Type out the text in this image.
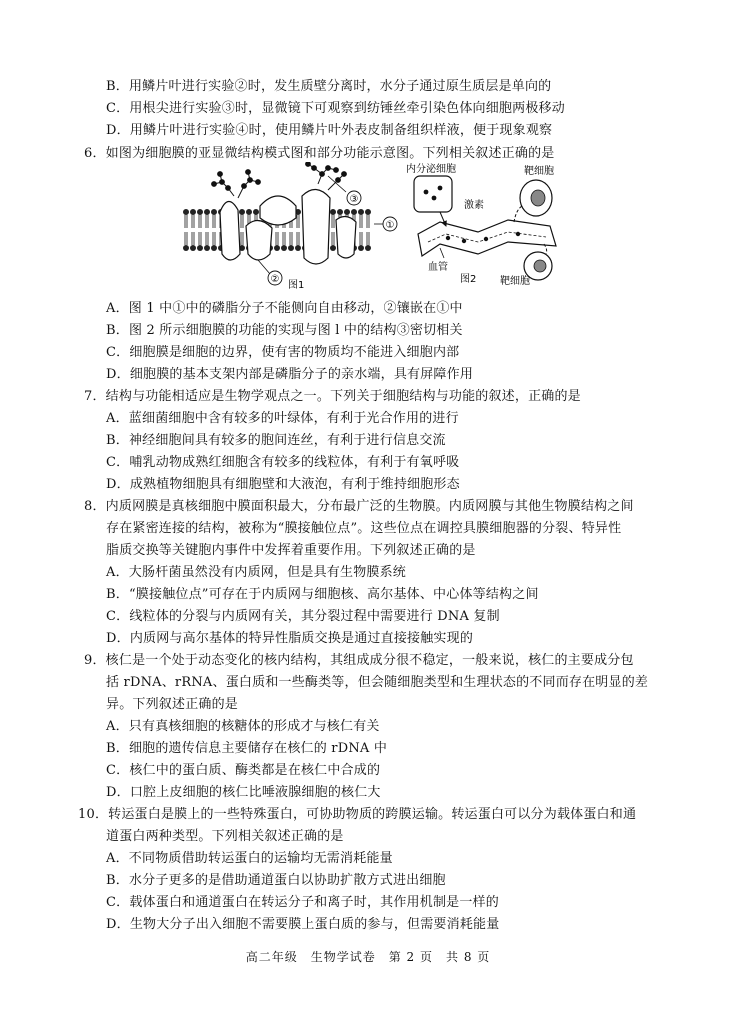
B．用鳞片叶进行实验②时，发生质壁分离时，水分子通过原生质层是单向的
C．用根尖进行实验③时，显微镜下可观察到纺锤丝牵引染色体向细胞两极移动
D．用鳞片叶进行实验④时，使用鳞片叶外表皮制备组织样液，便于现象观察
6．如图为细胞膜的亚显微结构模式图和部分功能示意图。下列相关叙述正确的是
A．图 1 中①中的磷脂分子不能侧向自由移动，②镶嵌在①中
B．图 2 所示细胞膜的功能的实现与图 l 中的结构③密切相关
C．细胞膜是细胞的边界，使有害的物质均不能进入细胞内部
D．细胞膜的基本支架内部是磷脂分子的亲水端，具有屏障作用
7．结构与功能相适应是生物学观点之一。下列关于细胞结构与功能的叙述，正确的是
A．蓝细菌细胞中含有较多的叶绿体，有利于光合作用的进行
B．神经细胞间具有较多的胞间连丝，有利于进行信息交流
C．哺乳动物成熟红细胞含有较多的线粒体，有利于有氧呼吸
D．成熟植物细胞具有细胞壁和大液泡，有利于维持细胞形态
8．内质网膜是真核细胞中膜面积最大，分布最广泛的生物膜。内质网膜与其他生物膜结构之间
存在紧密连接的结构，被称为“膜接触位点”。这些位点在调控具膜细胞器的分裂、特异性
脂质交换等关键胞内事件中发挥着重要作用。下列叙述正确的是
A．大肠杆菌虽然没有内质网，但是具有生物膜系统
B．“膜接触位点”可存在于内质网与细胞核、高尔基体、中心体等结构之间
C．线粒体的分裂与内质网有关，其分裂过程中需要进行 DNA 复制
D．内质网与高尔基体的特异性脂质交换是通过直接接触实现的
9．核仁是一个处于动态变化的核内结构，其组成成分很不稳定，一般来说，核仁的主要成分包
括 rDNA、rRNA、蛋白质和一些酶类等，但会随细胞类型和生理状态的不同而存在明显的差
异。下列叙述正确的是
A．只有真核细胞的核糖体的形成才与核仁有关
B．细胞的遗传信息主要储存在核仁的 rDNA 中
C．核仁中的蛋白质、酶类都是在核仁中合成的
D．口腔上皮细胞的核仁比唾液腺细胞的核仁大
10．转运蛋白是膜上的一些特殊蛋白，可协助物质的跨膜运输。转运蛋白可以分为载体蛋白和通
道蛋白两种类型。下列相关叙述正确的是
A．不同物质借助转运蛋白的运输均无需消耗能量
B．水分子更多的是借助通道蛋白以协助扩散方式进出细胞
C．载体蛋白和通道蛋白在转运分子和离子时，其作用机制是一样的
D．生物大分子出入细胞不需要膜上蛋白质的参与，但需要消耗能量
③
①
②
图1
内分泌细胞	靶细胞
激素
血管
图2 靶细胞
高二年级　生物学试卷　第 2 页　共 8 页
